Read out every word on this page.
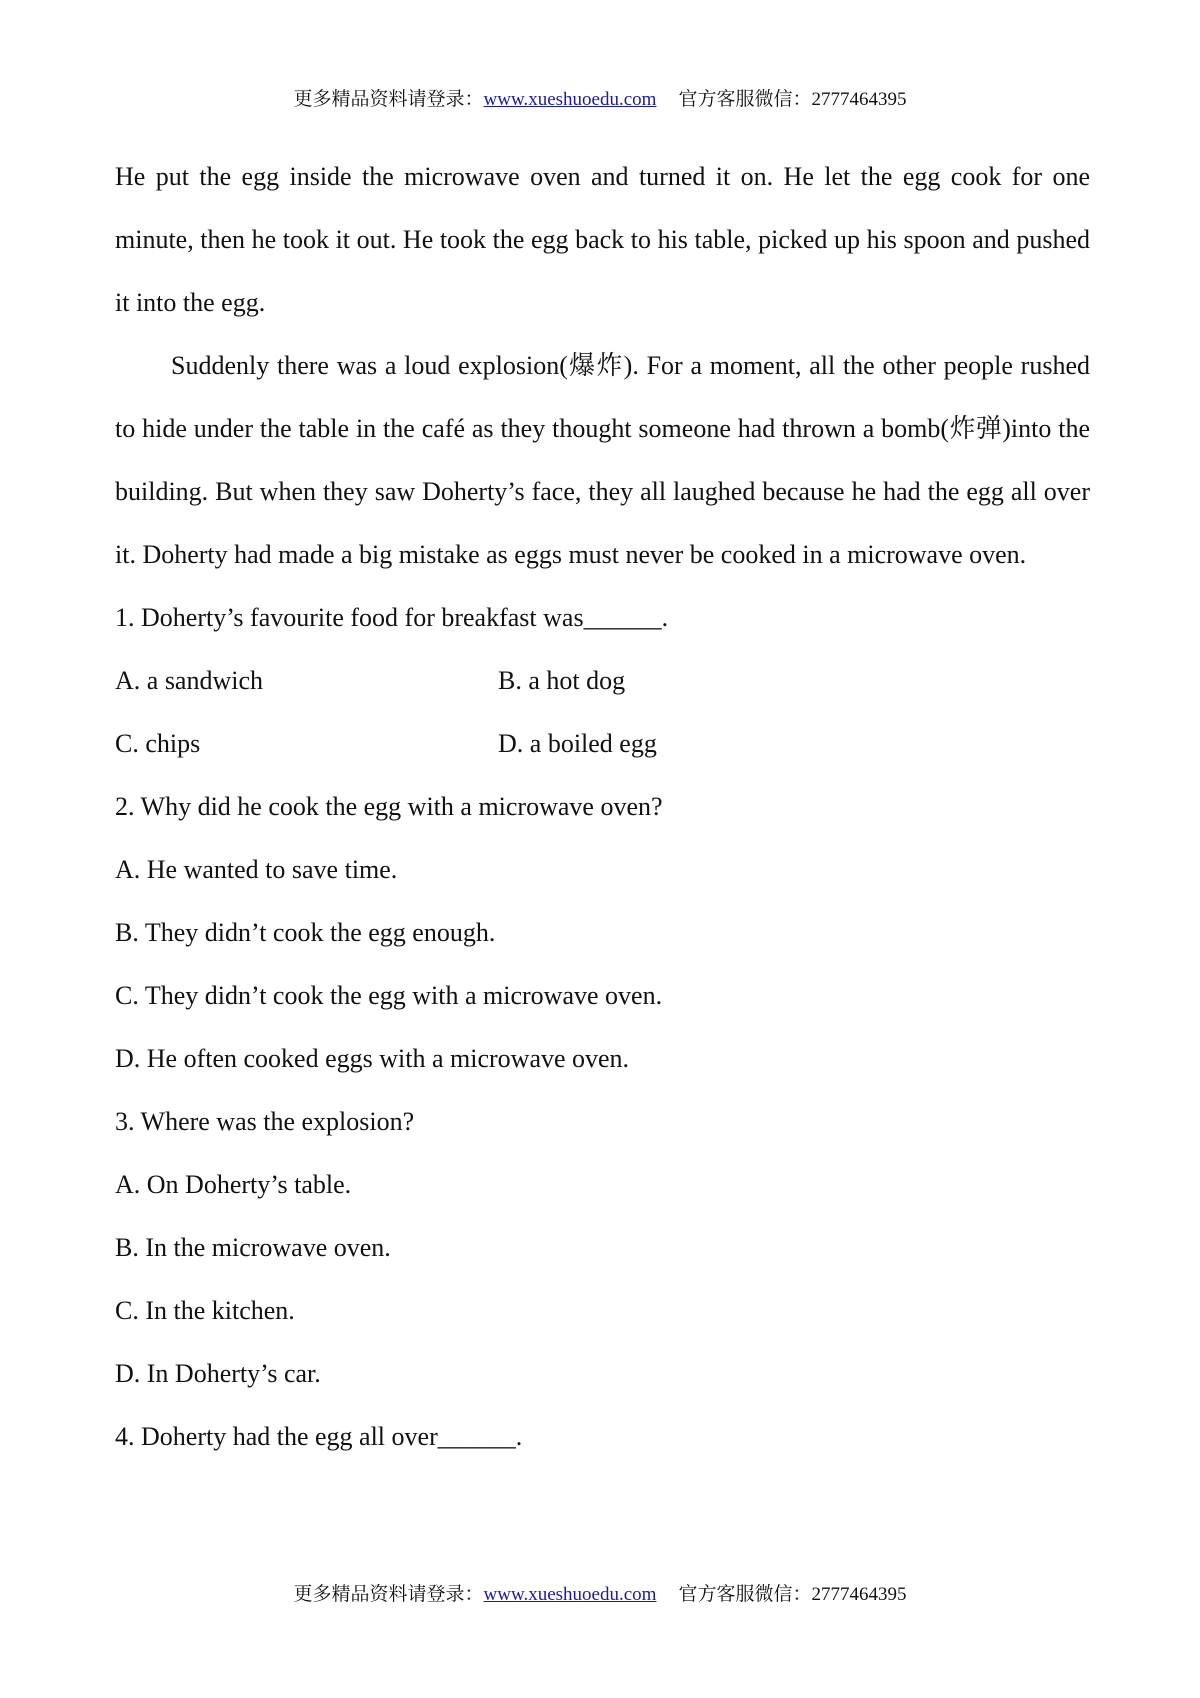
更多精品资料请登录：www.xueshuoedu.com 官方客服微信：2777464395

He put the egg inside the microwave oven and turned it on. He let the egg cook for one minute, then he took it out. He took the egg back to his table, picked up his spoon and pushed it into the egg.

Suddenly there was a loud explosion(爆炸). For a moment, all the other people rushed to hide under the table in the café as they thought someone had thrown a bomb(炸弹)into the building. But when they saw Doherty’s face, they all laughed because he had the egg all over it. Doherty had made a big mistake as eggs must never be cooked in a microwave oven.

1. Doherty’s favourite food for breakfast was______.
A. a sandwich	B. a hot dog
C. chips	D. a boiled egg
2. Why did he cook the egg with a microwave oven?
A. He wanted to save time.
B. They didn’t cook the egg enough.
C. They didn’t cook the egg with a microwave oven.
D. He often cooked eggs with a microwave oven.
3. Where was the explosion?
A. On Doherty’s table.
B. In the microwave oven.
C. In the kitchen.
D. In Doherty’s car.
4. Doherty had the egg all over______.
更多精品资料请登录：www.xueshuoedu.com 官方客服微信：2777464395
